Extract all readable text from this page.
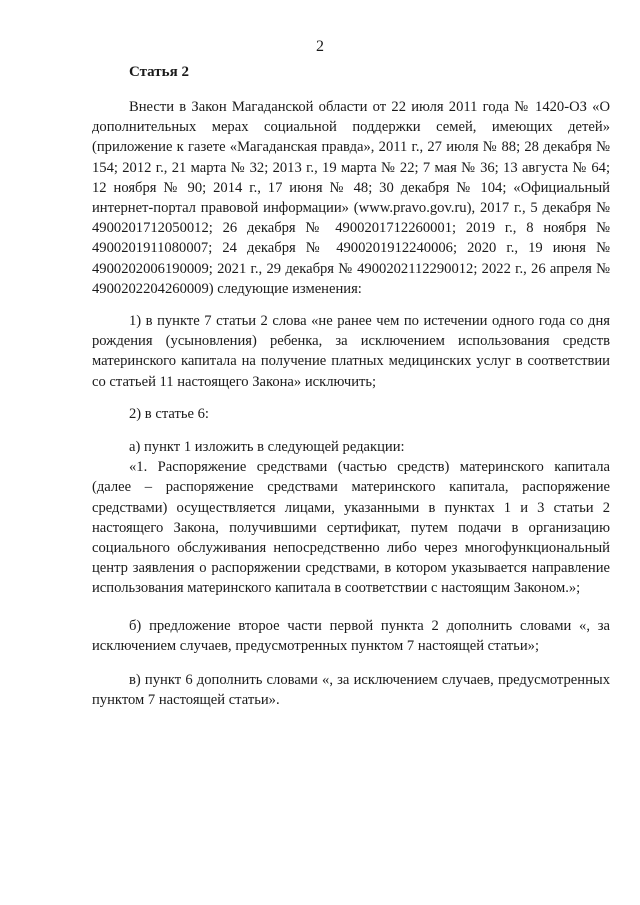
2
Статья 2

Внести в Закон Магаданской области от 22 июля 2011 года № 1420-ОЗ «О дополнительных мерах социальной поддержки семей, имеющих детей» (приложение к газете «Магаданская правда», 2011 г., 27 июля № 88; 28 декабря № 154; 2012 г., 21 марта № 32; 2013 г., 19 марта № 22; 7 мая № 36; 13 августа № 64; 12 ноября № 90; 2014 г., 17 июня № 48; 30 декабря № 104; «Официальный интернет-портал правовой информации» (www.pravo.gov.ru), 2017 г., 5 декабря № 4900201712050012; 26 декабря № 4900201712260001; 2019 г., 8 ноября № 4900201911080007; 24 декабря № 4900201912240006; 2020 г., 19 июня № 4900202006190009; 2021 г., 29 декабря № 4900202112290012; 2022 г., 26 апреля № 4900202204260009) следующие изменения:

1) в пункте 7 статьи 2 слова «не ранее чем по истечении одного года со дня рождения (усыновления) ребенка, за исключением использования средств материнского капитала на получение платных медицинских услуг в соответствии со статьей 11 настоящего Закона» исключить;

2) в статье 6:

а) пункт 1 изложить в следующей редакции:

«1. Распоряжение средствами (частью средств) материнского капитала (далее – распоряжение средствами материнского капитала, распоряжение средствами) осуществляется лицами, указанными в пунктах 1 и 3 статьи 2 настоящего Закона, получившими сертификат, путем подачи в организацию социального обслуживания непосредственно либо через многофункциональный центр заявления о распоряжении средствами, в котором указывается направление использования материнского капитала в соответствии с настоящим Законом.»;

б) предложение второе части первой пункта 2 дополнить словами «, за исключением случаев, предусмотренных пунктом 7 настоящей статьи»;

в) пункт 6 дополнить словами «, за исключением случаев, предусмотренных пунктом 7 настоящей статьи».
